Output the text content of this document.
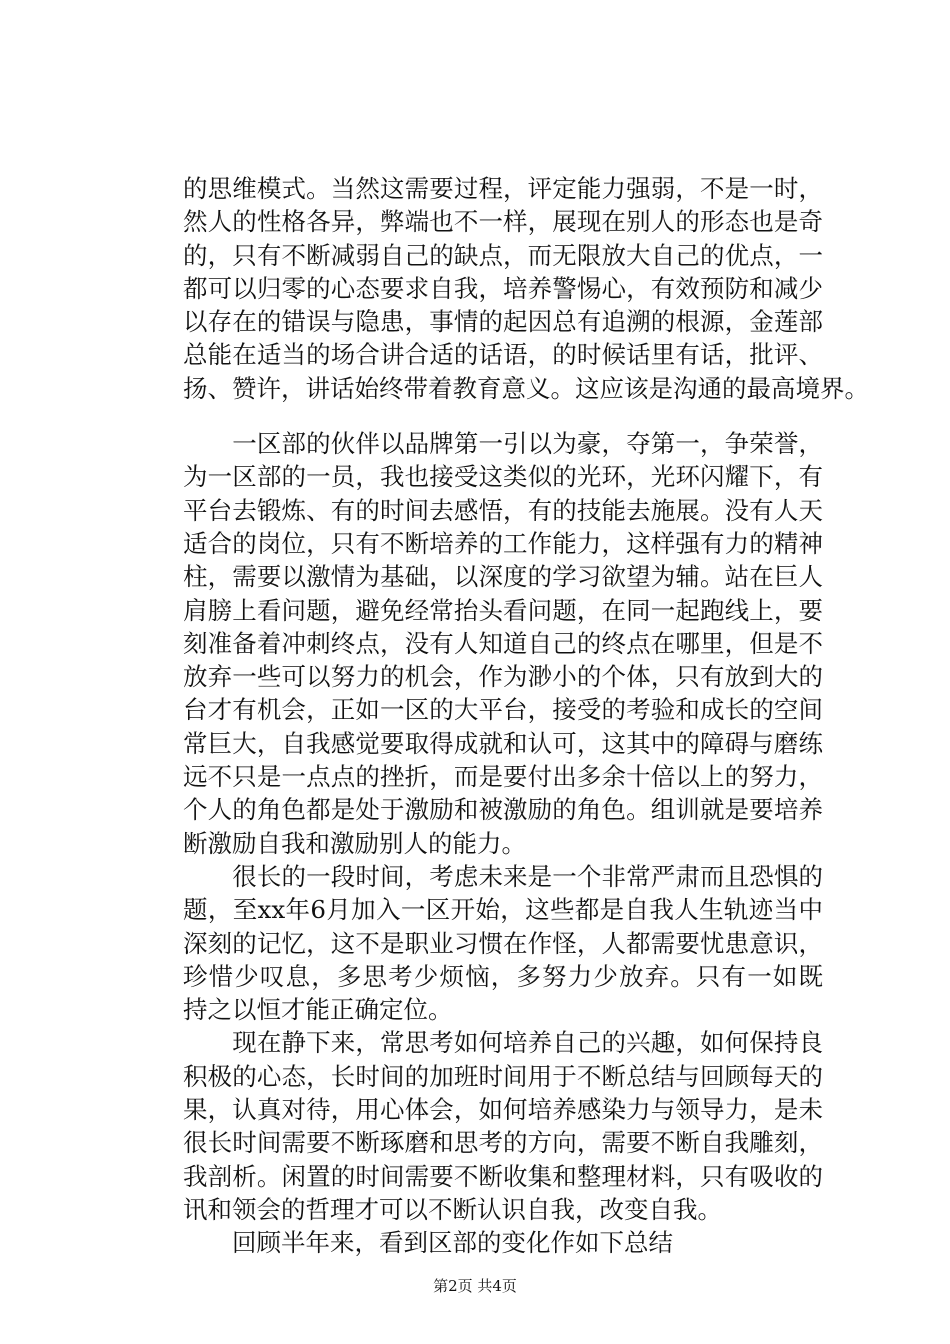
的思维模式。当然这需要过程，评定能力强弱，不是一时，
然人的性格各异，弊端也不一样，展现在别人的形态也是奇
的，只有不断减弱自己的缺点，而无限放大自己的优点，一
都可以归零的心态要求自我，培养警惕心，有效预防和减少
以存在的错误与隐患，事情的起因总有追溯的根源，金莲部
总能在适当的场合讲合适的话语，的时候话里有话，批评、
扬、赞许，讲话始终带着教育意义。这应该是沟通的最高境界。
　　一区部的伙伴以品牌第一引以为豪，夺第一，争荣誉，
为一区部的一员，我也接受这类似的光环，光环闪耀下，有
平台去锻炼、有的时间去感悟，有的技能去施展。没有人天
适合的岗位，只有不断培养的工作能力，这样强有力的精神
柱，需要以激情为基础，以深度的学习欲望为辅。站在巨人
肩膀上看问题，避免经常抬头看问题，在同一起跑线上，要
刻准备着冲刺终点，没有人知道自己的终点在哪里，但是不
放弃一些可以努力的机会，作为渺小的个体，只有放到大的
台才有机会，正如一区的大平台，接受的考验和成长的空间
常巨大，自我感觉要取得成就和认可，这其中的障碍与磨练
远不只是一点点的挫折，而是要付出多余十倍以上的努力，
个人的角色都是处于激励和被激励的角色。组训就是要培养
断激励自我和激励别人的能力。
　　很长的一段时间，考虑未来是一个非常严肃而且恐惧的
题，至xx年6月加入一区开始，这些都是自我人生轨迹当中
深刻的记忆，这不是职业习惯在作怪，人都需要忧患意识，
珍惜少叹息，多思考少烦恼，多努力少放弃。只有一如既
持之以恒才能正确定位。
　　现在静下来，常思考如何培养自己的兴趣，如何保持良
积极的心态，长时间的加班时间用于不断总结与回顾每天的
果，认真对待，用心体会，如何培养感染力与领导力，是未
很长时间需要不断琢磨和思考的方向，需要不断自我雕刻，
我剖析。闲置的时间需要不断收集和整理材料，只有吸收的
讯和领会的哲理才可以不断认识自我，改变自我。
　　回顾半年来，看到区部的变化作如下总结
第2页 共4页
